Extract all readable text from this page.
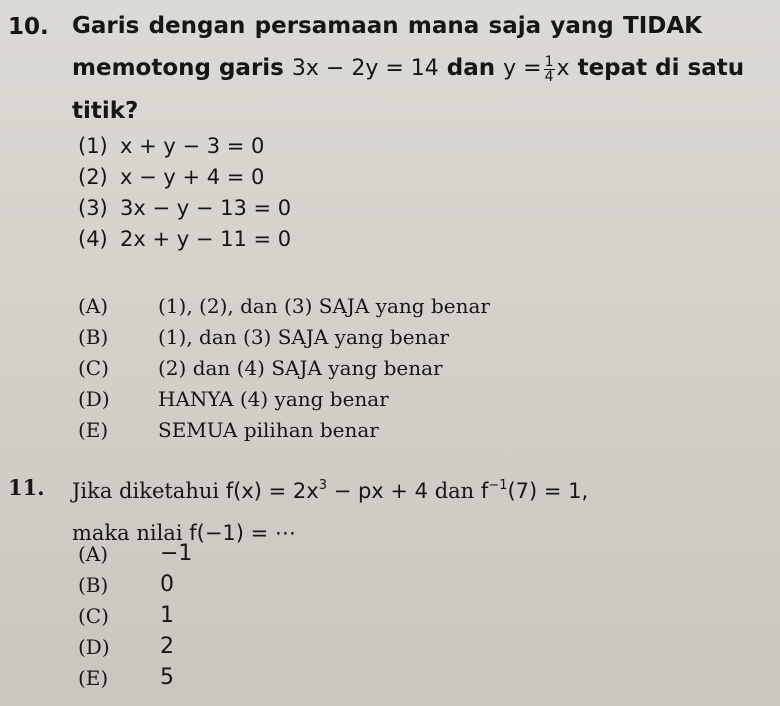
10.	Garis dengan persamaan mana saja yang TIDAK
memotong garis 3x − 2y = 14 dan $y = \frac{1}{4}$ x tepat di satu
titik?
(1) x + y − 3 = 0
(2) x − y + 4 = 0
(3) 3x − y − 13 = 0
(4) 2x + y − 11 = 0
(A)	(1), (2), dan (3) SAJA yang benar
(B)	(1), dan (3) SAJA yang benar
(C)	(2) dan (4) SAJA yang benar
(D)	HANYA (4) yang benar
(E)	SEMUA pilihan benar
11.	Jika diketahui $f(x) = 2x^3$ − px + 4 dan $f^{-1}(7) = 1$,
maka nilai f(−1) = ⋯
(A)	−1
(B)	0
(C)	1
(D)	2
(E)	5
